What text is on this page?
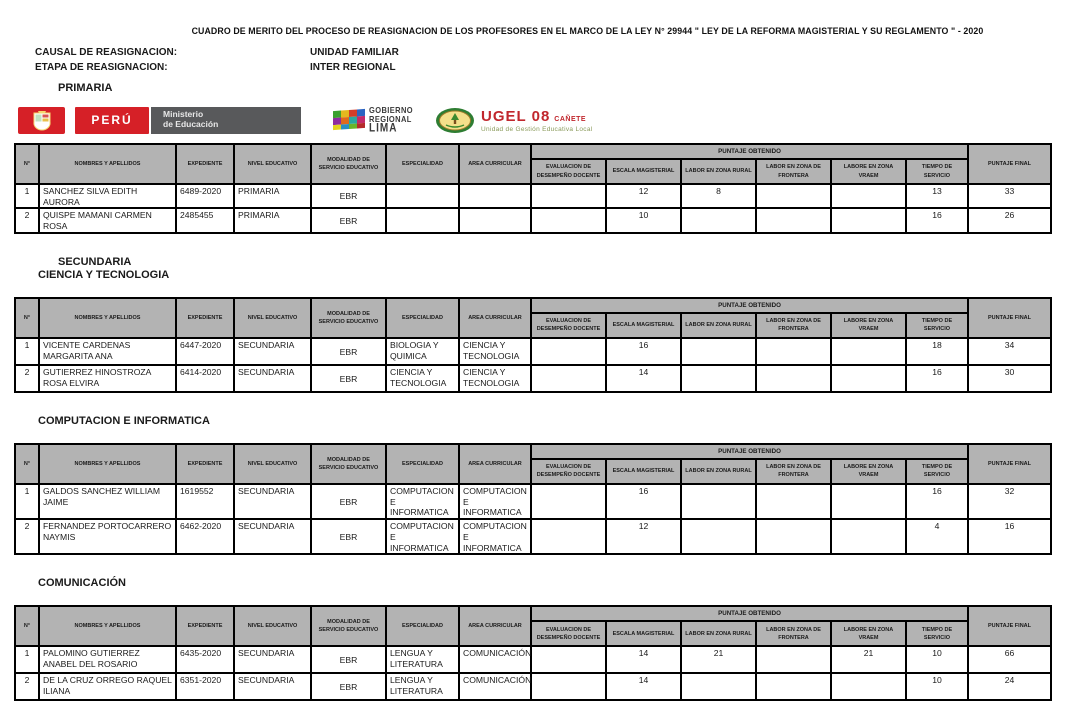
CUADRO DE MERITO DEL PROCESO DE REASIGNACION DE LOS PROFESORES EN EL MARCO DE LA LEY N° 29944 " LEY DE LA REFORMA MAGISTERIAL Y SU REGLAMENTO " - 2020
CAUSAL DE REASIGNACION:	UNIDAD FAMILIAR
ETAPA DE REASIGNACION:	INTER REGIONAL
PRIMARIA
PERÚ	Ministerio
de Educación
GOBIERNO
REGIONAL
LIMA
UGEL 08 CAÑETE
Unidad de Gestión Educativa Local
N°	NOMBRES Y APELLIDOS	EXPEDIENTE	NIVEL EDUCATIVO	MODALIDAD DE SERVICIO EDUCATIVO	ESPECIALIDAD	AREA CURRICULAR	PUNTAJE OBTENIDO						PUNTAJE FINAL
							EVALUACION DE DESEMPEÑO DOCENTE	ESCALA MAGISTERIAL	LABOR EN ZONA RURAL	LABOR EN ZONA DE FRONTERA	LABORE EN ZONA VRAEM	TIEMPO DE SERVICIO	
1	SANCHEZ SILVA EDITH AURORA	6489-2020	PRIMARIA	EBR				12	8			13	33
2	QUISPE MAMANI CARMEN ROSA	2485455	PRIMARIA	EBR				10				16	26
SECUNDARIA
CIENCIA Y TECNOLOGIA
N°	NOMBRES Y APELLIDOS	EXPEDIENTE	NIVEL EDUCATIVO	MODALIDAD DE SERVICIO EDUCATIVO	ESPECIALIDAD	AREA CURRICULAR	PUNTAJE OBTENIDO						PUNTAJE FINAL
							EVALUACION DE DESEMPEÑO DOCENTE	ESCALA MAGISTERIAL	LABOR EN ZONA RURAL	LABOR EN ZONA DE FRONTERA	LABORE EN ZONA VRAEM	TIEMPO DE SERVICIO	
1	VICENTE CARDENAS MARGARITA ANA	6447-2020	SECUNDARIA	EBR	BIOLOGIA Y QUIMICA	CIENCIA Y TECNOLOGIA		16				18	34
2	GUTIERREZ HINOSTROZA ROSA ELVIRA	6414-2020	SECUNDARIA	EBR	CIENCIA Y TECNOLOGIA	CIENCIA Y TECNOLOGIA		14				16	30
COMPUTACION E INFORMATICA
N°	NOMBRES Y APELLIDOS	EXPEDIENTE	NIVEL EDUCATIVO	MODALIDAD DE SERVICIO EDUCATIVO	ESPECIALIDAD	AREA CURRICULAR	PUNTAJE OBTENIDO						PUNTAJE FINAL
							EVALUACION DE DESEMPEÑO DOCENTE	ESCALA MAGISTERIAL	LABOR EN ZONA RURAL	LABOR EN ZONA DE FRONTERA	LABORE EN ZONA VRAEM	TIEMPO DE SERVICIO	
1	GALDOS SANCHEZ WILLIAM JAIME	1619552	SECUNDARIA	EBR	COMPUTACION E INFORMATICA	COMPUTACION E INFORMATICA		16				16	32
2	FERNANDEZ PORTOCARRERO NAYMIS	6462-2020	SECUNDARIA	EBR	COMPUTACION E INFORMATICA	COMPUTACION E INFORMATICA		12				4	16
COMUNICACIÓN
N°	NOMBRES Y APELLIDOS	EXPEDIENTE	NIVEL EDUCATIVO	MODALIDAD DE SERVICIO EDUCATIVO	ESPECIALIDAD	AREA CURRICULAR	PUNTAJE OBTENIDO						PUNTAJE FINAL
							EVALUACION DE DESEMPEÑO DOCENTE	ESCALA MAGISTERIAL	LABOR EN ZONA RURAL	LABOR EN ZONA DE FRONTERA	LABORE EN ZONA VRAEM	TIEMPO DE SERVICIO	
1	PALOMINO GUTIERREZ ANABEL DEL ROSARIO	6435-2020	SECUNDARIA	EBR	LENGUA Y LITERATURA	COMUNICACIÓN		14	21		21	10	66
2	DE LA CRUZ ORREGO RAQUEL ILIANA	6351-2020	SECUNDARIA	EBR	LENGUA Y LITERATURA	COMUNICACIÓN		14				10	24
